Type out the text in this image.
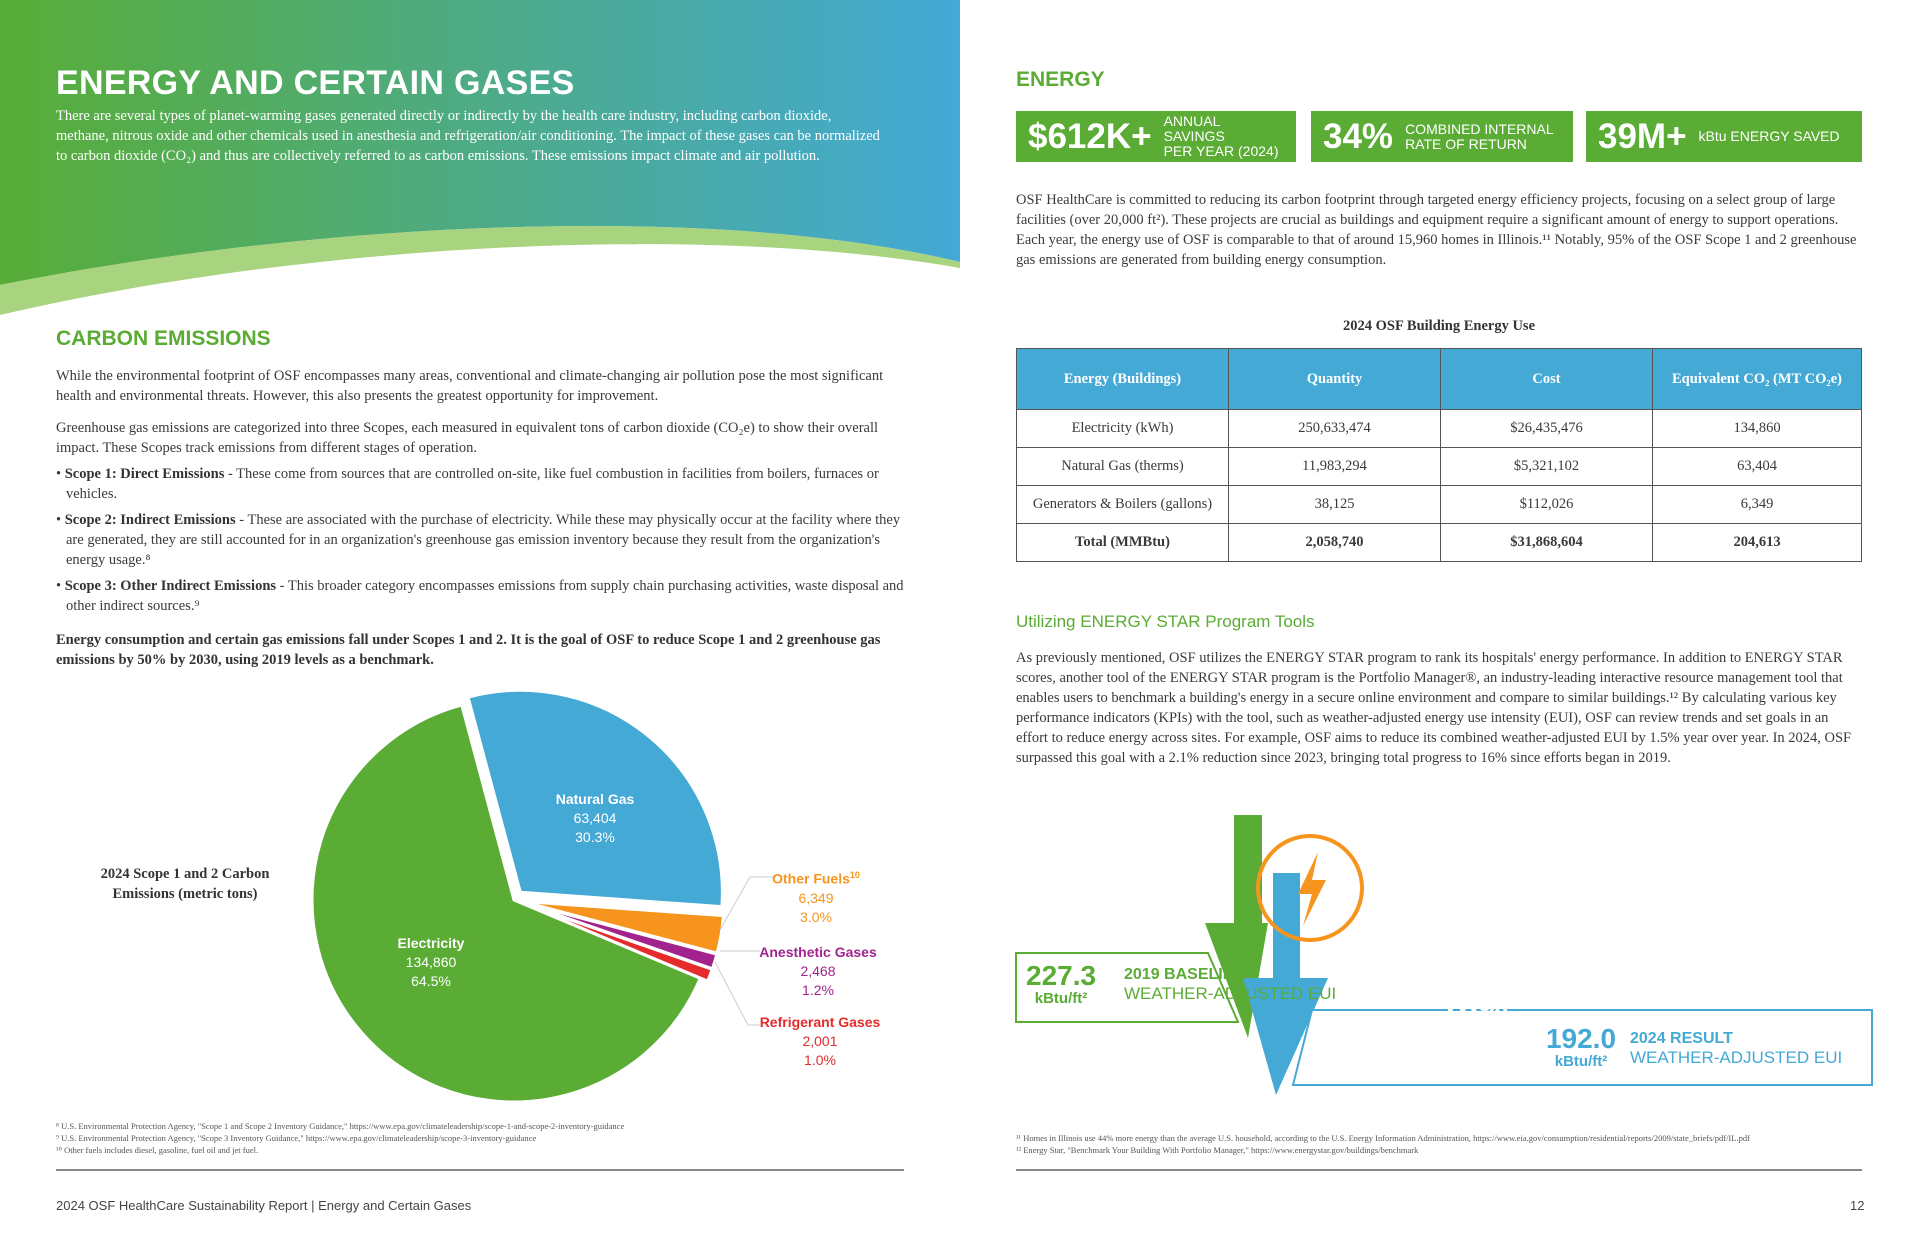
ENERGY AND CERTAIN GASES
There are several types of planet-warming gases generated directly or indirectly by the health care industry, including carbon dioxide, methane, nitrous oxide and other chemicals used in anesthesia and refrigeration/air conditioning. The impact of these gases can be normalized to carbon dioxide (CO₂) and thus are collectively referred to as carbon emissions. These emissions impact climate and air pollution.
CARBON EMISSIONS

While the environmental footprint of OSF encompasses many areas, conventional and climate-changing air pollution pose the most significant health and environmental threats. However, this also presents the greatest opportunity for improvement.

Greenhouse gas emissions are categorized into three Scopes, each measured in equivalent tons of carbon dioxide (CO₂e) to show their overall impact. These Scopes track emissions from different stages of operation.

• Scope 1: Direct Emissions - These come from sources that are controlled on-site, like fuel combustion in facilities from boilers, furnaces or vehicles.

• Scope 2: Indirect Emissions - These are associated with the purchase of electricity. While these may physically occur at the facility where they are generated, they are still accounted for in an organization's greenhouse gas emission inventory because they result from the organization's energy usage.⁸

• Scope 3: Other Indirect Emissions - This broader category encompasses emissions from supply chain purchasing activities, waste disposal and other indirect sources.⁹

Energy consumption and certain gas emissions fall under Scopes 1 and 2. It is the goal of OSF to reduce Scope 1 and 2 greenhouse gas emissions by 50% by 2030, using 2019 levels as a benchmark.

2024 Scope 1 and 2 Carbon Emissions (metric tons)
Natural Gas
63,404
30.3%
Electricity
134,860
64.5%
Other Fuels$^{10}$
6,349
3.0%
Anesthetic Gases
2,468
1.2%
Refrigerant Gases
2,001
1.0%
⁸ U.S. Environmental Protection Agency, "Scope 1 and Scope 2 Inventory Guidance," https://www.epa.gov/climateleadership/scope-1-and-scope-2-inventory-guidance
⁹ U.S. Environmental Protection Agency, "Scope 3 Inventory Guidance," https://www.epa.gov/climateleadership/scope-3-inventory-guidance
¹⁰ Other fuels includes diesel, gasoline, fuel oil and jet fuel.
2024 OSF HealthCare Sustainability Report | Energy and Certain Gases
ENERGY
$612K+ ANNUAL SAVINGS
PER YEAR (2024) 34% COMBINED INTERNAL
RATE OF RETURN	39M+ kBtu ENERGY SAVED

OSF HealthCare is committed to reducing its carbon footprint through targeted energy efficiency projects, focusing on a select group of large facilities (over 20,000 ft²). These projects are crucial as buildings and equipment require a significant amount of energy to support operations. Each year, the energy use of OSF is comparable to that of around 15,960 homes in Illinois.¹¹ Notably, 95% of the OSF Scope 1 and 2 greenhouse gas emissions are generated from building energy consumption.

2024 OSF Building Energy Use
Energy (Buildings)	Quantity	Cost	Equivalent CO₂ (MT CO₂e)
Electricity (kWh)	250,633,474	$26,435,476	134,860
Natural Gas (therms)	11,983,294	$5,321,102	63,404
Generators & Boilers (gallons)	38,125	$112,026	6,349
Total (MMBtu)	2,058,740	$31,868,604	204,613
Utilizing ENERGY STAR Program Tools

As previously mentioned, OSF utilizes the ENERGY STAR program to rank its hospitals' energy performance. In addition to ENERGY STAR scores, another tool of the ENERGY STAR program is the Portfolio Manager®, an industry-leading interactive resource management tool that enables users to benchmark a building's energy in a secure online environment and compare to similar buildings.¹² By calculating various key performance indicators (KPIs) with the tool, such as weather-adjusted energy use intensity (EUI), OSF can review trends and set goals in an effort to reduce energy across sites. For example, OSF aims to reduce its combined weather-adjusted EUI by 1.5% year over year. In 2024, OSF surpassed this goal with a 2.1% reduction since 2023, bringing total progress to 16% since efforts began in 2019.

227.3
kBtu/ft²
2019 BASELINE
WEATHER-ADJUSTED EUI	16%
192.0
kBtu/ft²
2024 RESULT
WEATHER-ADJUSTED EUI
¹¹ Homes in Illinois use 44% more energy than the average U.S. household, according to the U.S. Energy Information Administration, https://www.eia.gov/consumption/residential/reports/2009/state_briefs/pdf/IL.pdf
¹² Energy Star, "Benchmark Your Building With Portfolio Manager," https://www.energystar.gov/buildings/benchmark
12
